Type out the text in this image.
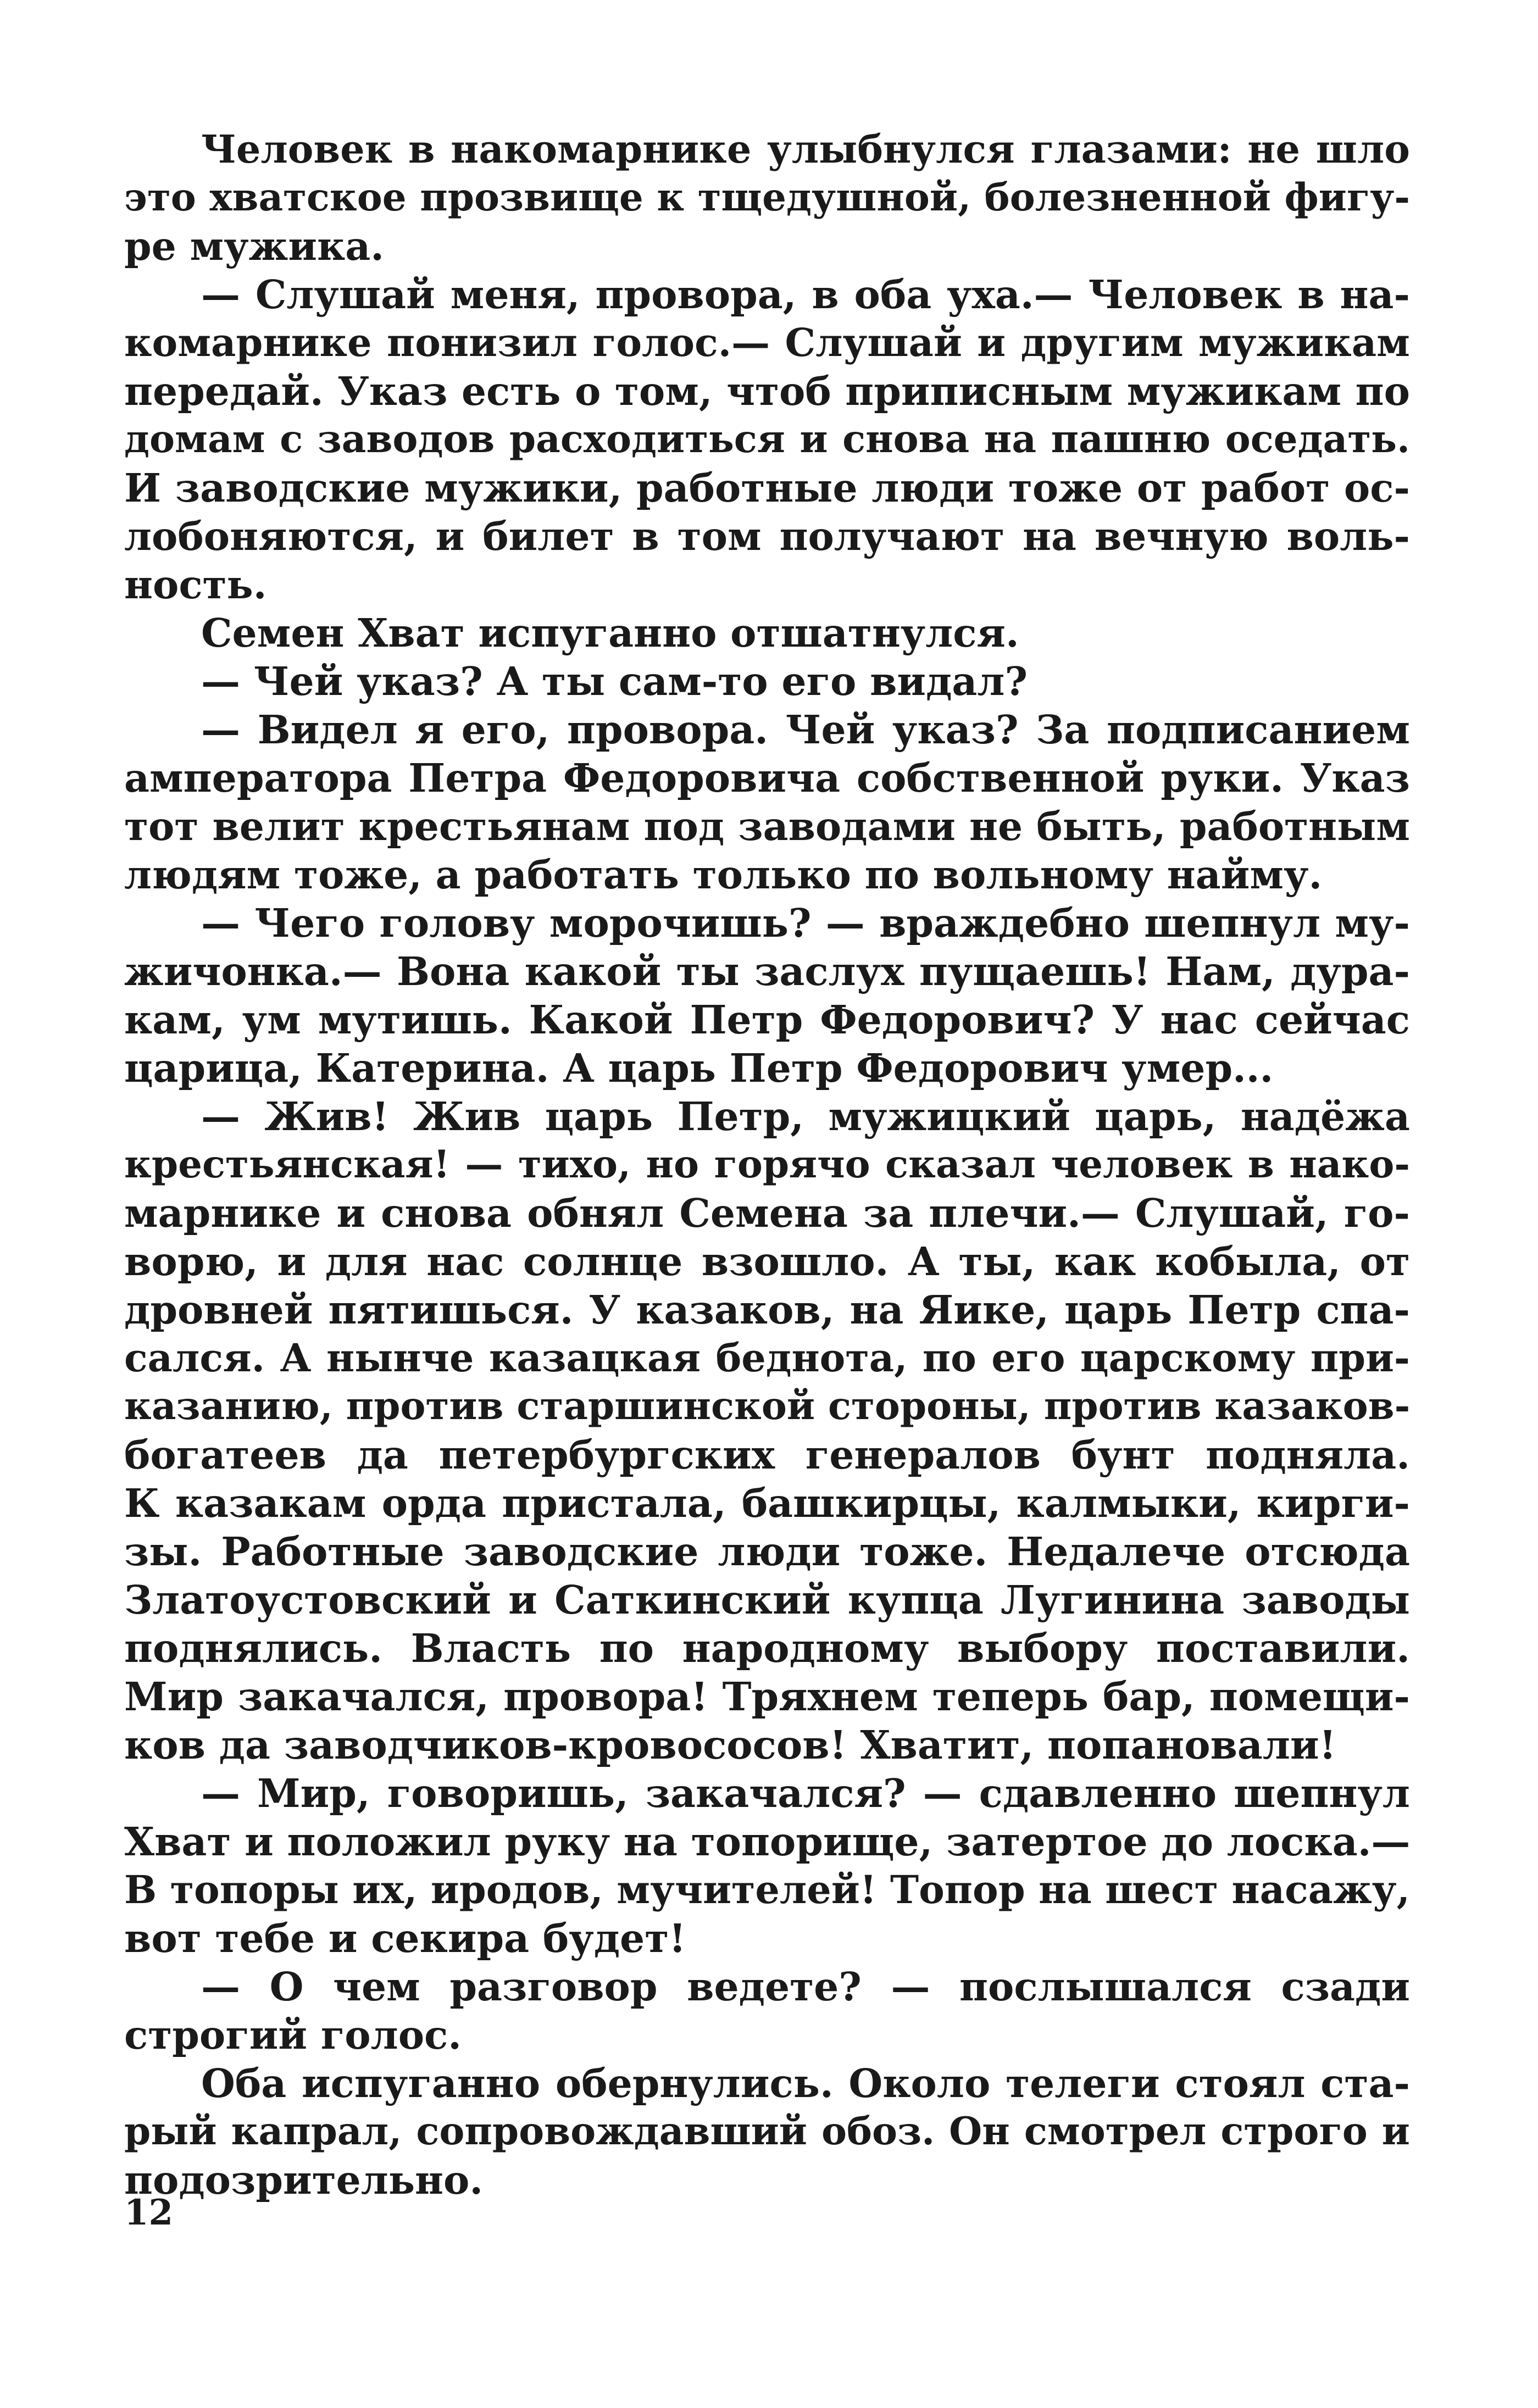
Человек в накомарнике улыбнулся глазами: не шло
это хватское прозвище к тщедушной, болезненной фигу-
ре мужика.
— Слушай меня, провора, в оба уха.— Человек в на-
комарнике понизил голос.— Слушай и другим мужикам
передай. Указ есть о том, чтоб приписным мужикам по
домам с заводов расходиться и снова на пашню оседать.
И заводские мужики, работные люди тоже от работ ос-
лобоняются, и билет в том получают на вечную воль-
ность.
Семен Хват испуганно отшатнулся.
— Чей указ? А ты сам-то его видал?
— Видел я его, провора. Чей указ? За подписанием
ампeратора Петра Федоровича собственной руки. Указ
тот велит крестьянам под заводами не быть, работным
людям тоже, а работать только по вольному найму.
— Чего голову морочишь? — враждебно шепнул му-
жичонка.— Вона какой ты заслух пущаешь! Нам, дура-
кам, ум мутишь. Какой Петр Федорович? У нас сейчас
царица, Катерина. А царь Петр Федорович умер...
— Жив! Жив царь Петр, мужицкий царь, надёжа
крестьянская! — тихо, но горячо сказал человек в нако-
марнике и снова обнял Семена за плечи.— Слушай, го-
ворю, и для нас солнце взошло. А ты, как кобыла, от
дровней пятишься. У казаков, на Яике, царь Петр спа-
сался. А нынче казацкая беднота, по его царскому при-
казанию, против старшинской стороны, против казаков-
богатеев да петербургских генералов бунт подняла.
К казакам орда пристала, башкирцы, калмыки, кирги-
зы. Работные заводские люди тоже. Недалече отсюда
Златоустовский и Саткинский купца Лугинина заводы
поднялись. Власть по народному выбору поставили.
Мир закачался, провора! Тряхнем теперь бар, помещи-
ков да заводчиков-кровососов! Хватит, попановали!
— Мир, говоришь, закачался? — сдавленно шепнул
Хват и положил руку на топорище, затертое до лоска.—
В топоры их, иродов, мучителей! Топор на шест насажу,
вот тебе и секира будет!
— О чем разговор ведете? — послышался сзади
строгий голос.
Оба испуганно обернулись. Около телеги стоял ста-
рый капрал, сопровождавший обоз. Он смотрел строго и
подозрительно.
12
